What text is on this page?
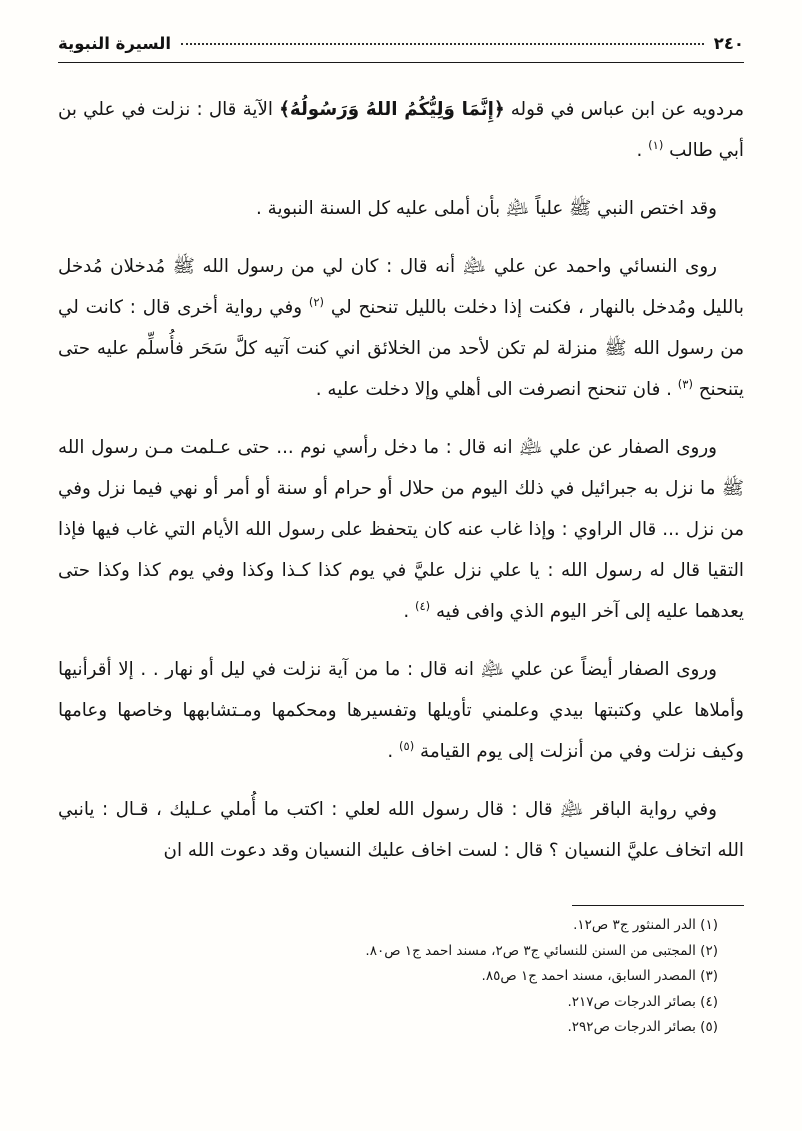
٢٤٠
السيرة النبوية

مردويه عن ابن عباس في قوله ﴿إِنَّمَا وَلِيُّكُمُ اللهُ وَرَسُولُهُ﴾ الآية قال : نزلت في علي بن أبي طالب $^{(١)}$ .

وقد اختص النبي ﷺ علياً ﵇ بأن أملى عليه كل السنة النبوية .

روى النسائي واحمد عن علي ﵇ أنه قال : كان لي من رسول الله ﷺ مُدخلان مُدخل بالليل ومُدخل بالنهار ، فكنت إذا دخلت بالليل تنحنح لي $^{(٢)}$ وفي رواية أخرى قال : كانت لي من رسول الله ﷺ منزلة لم تكن لأحد من الخلائق اني كنت آتيه كلَّ سَحَر فأُسلِّم عليه حتى يتنحنح $^{(٣)}$ . فان تنحنح انصرفت الى أهلي وإلا دخلت عليه .

وروى الصفار عن علي ﵇ انه قال : ما دخل رأسي نوم ... حتى عـلمت مـن رسول الله ﷺ ما نزل به جبرائيل في ذلك اليوم من حلال أو حرام أو سنة أو أمر أو نهي فيما نزل وفي من نزل ... قال الراوي : وإذا غاب عنه كان يتحفظ على رسول الله الأيام التي غاب فيها فإذا التقيا قال له رسول الله : يا علي نزل عليَّ في يوم كذا كـذا وكذا وفي يوم كذا وكذا حتى يعدهما عليه إلى آخر اليوم الذي وافى فيه $^{(٤)}$ .

وروى الصفار أيضاً عن علي ﵇ انه قال : ما من آية نزلت في ليل أو نهار . . إلا أقرأنيها وأملاها علي وكتبتها بيدي وعلمني تأويلها وتفسيرها ومحكمها ومـتشابهها وخاصها وعامها وكيف نزلت وفي من أنزلت إلى يوم القيامة $^{(٥)}$ .

وفي رواية الباقر ﵇ قال : قال رسول الله لعلي : اكتب ما أُملي عـليك ، قـال : يانبي الله اتخاف عليَّ النسيان ؟ قال : لست اخاف عليك النسيان وقد دعوت الله ان

(١) الدر المنثور ج٣ ص١٢.
(٢) المجتبى من السنن للنسائي ج٣ ص٢، مسند احمد ج١ ص٨٠.
(٣) المصدر السابق، مسند احمد ج١ ص٨٥.
(٤) بصائر الدرجات ص٢١٧.
(٥) بصائر الدرجات ص٢٩٢.
